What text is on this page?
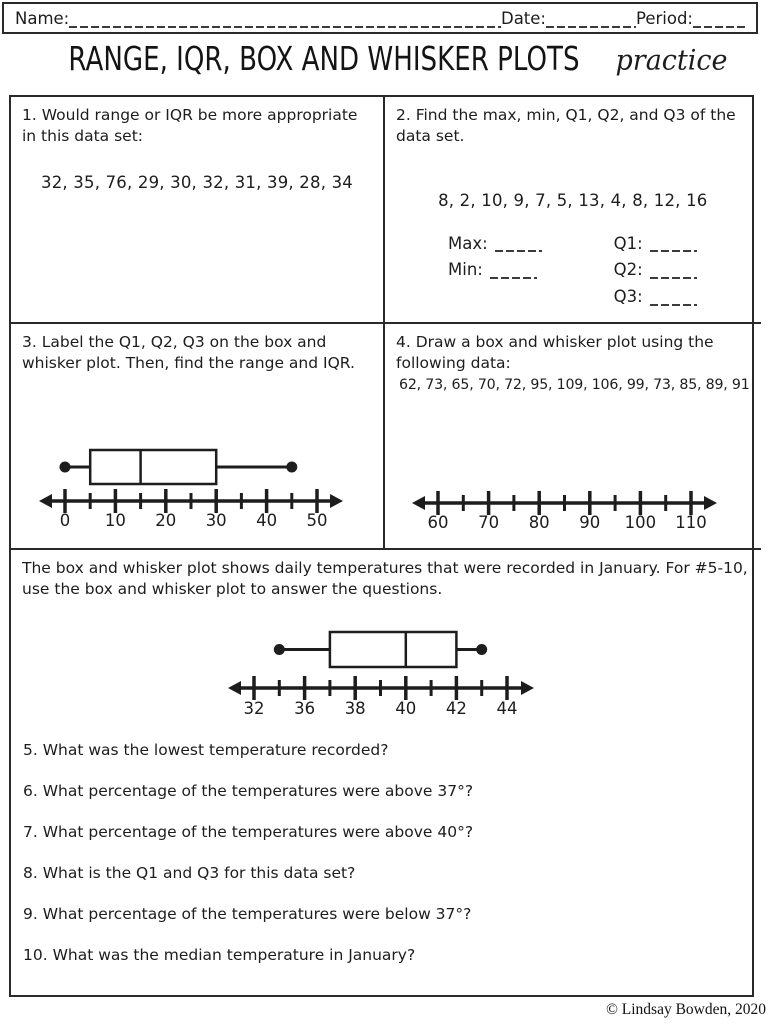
Name:	Date:	Period:
RANGE, IQR, BOX AND WHISKER PLOTS practice
1. Would range or IQR be more appropriate in this data set:
32, 35, 76, 29, 30, 32, 31, 39, 28, 34
2. Find the max, min, Q1, Q2, and Q3 of the data set.
8, 2, 10, 9, 7, 5, 13, 4, 8, 12, 16
Max:
Min:
Q1:
Q2:
Q3:
3. Label the Q1, Q2, Q3 on the box and whisker plot. Then, find the range and IQR.
0 10 20 30 40 50
4. Draw a box and whisker plot using the following data:
62, 73, 65, 70, 72, 95, 109, 106, 99, 73, 85, 89, 91
60 70 80 90 100 110
The box and whisker plot shows daily temperatures that were recorded in January. For #5-10, use the box and whisker plot to answer the questions.
32 36 38 40 42 44
5. What was the lowest temperature recorded?
6. What percentage of the temperatures were above 37°?
7. What percentage of the temperatures were above 40°?
8. What is the Q1 and Q3 for this data set?
9. What percentage of the temperatures were below 37°?
10. What was the median temperature in January?
© Lindsay Bowden, 2020
